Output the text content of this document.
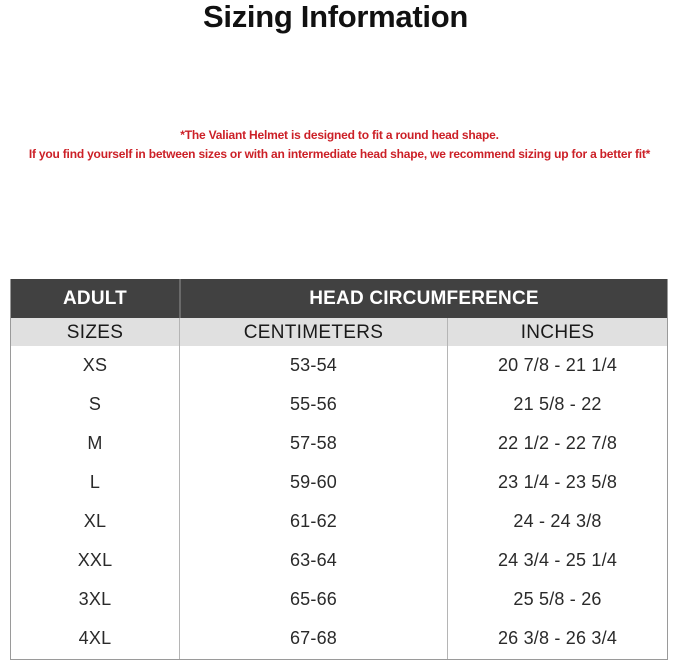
Sizing Information
*The Valiant Helmet is designed to fit a round head shape.
If you find yourself in between sizes or with an intermediate head shape, we recommend sizing up for a better fit*
ADULT	HEAD CIRCUMFERENCE
SIZES	CENTIMETERS	INCHES
XS	53-54	20 7/8 - 21 1/4
S	55-56	21 5/8 - 22
M	57-58	22 1/2 - 22 7/8
L	59-60	23 1/4 - 23 5/8
XL	61-62	24 - 24 3/8
XXL	63-64	24 3/4 - 25 1/4
3XL	65-66	25 5/8 - 26
4XL	67-68	26 3/8 - 26 3/4
